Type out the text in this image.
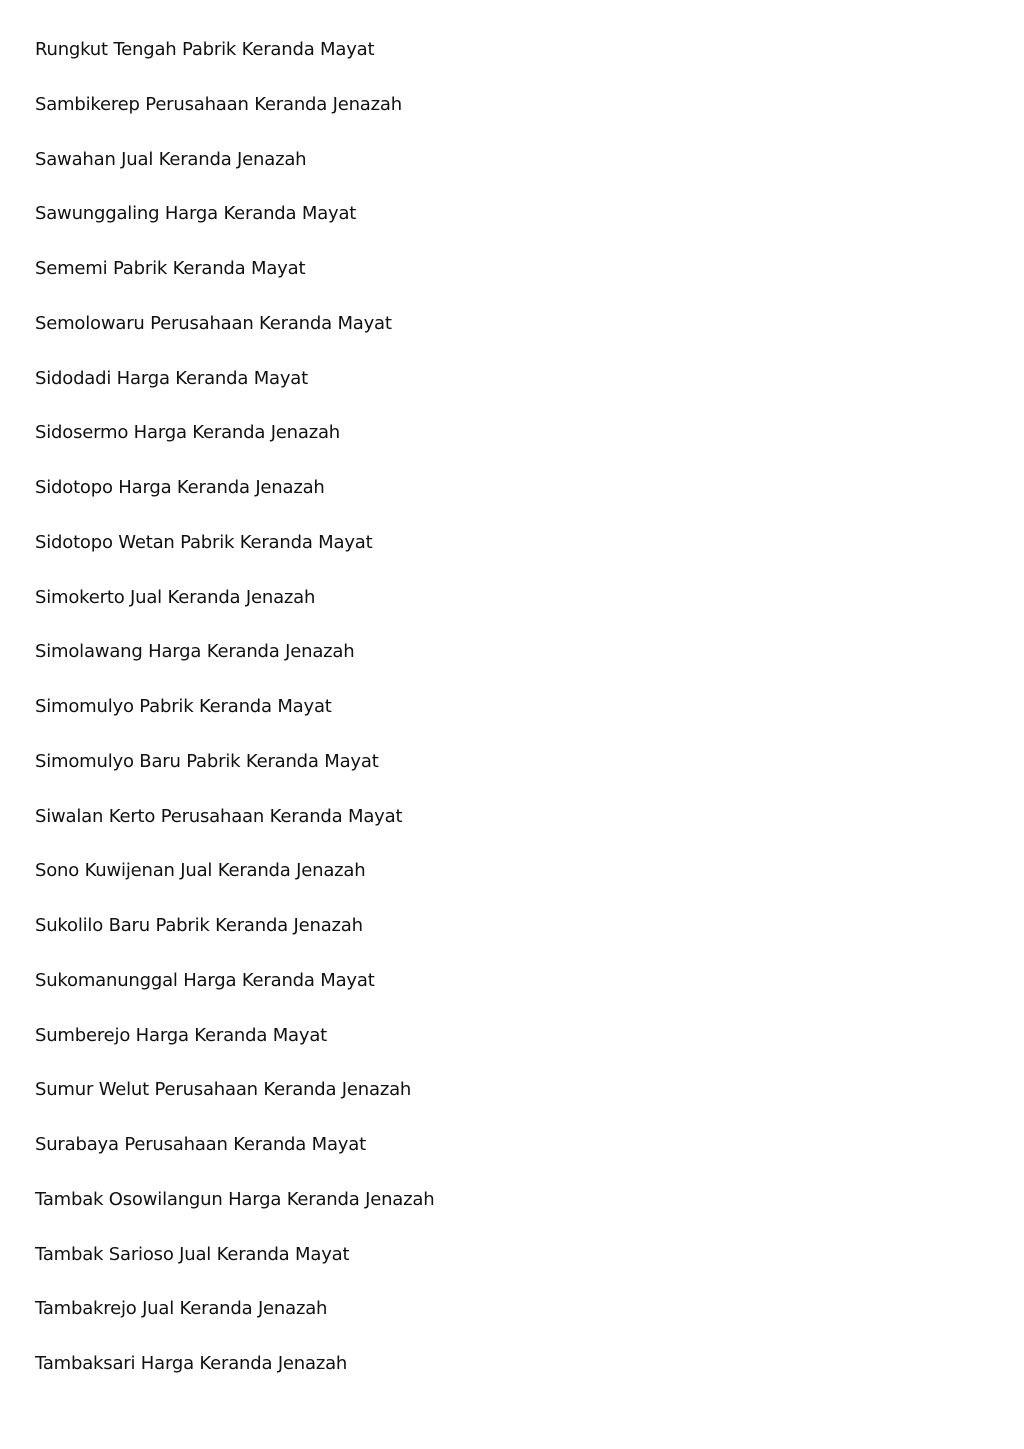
Rungkut Tengah Pabrik Keranda Mayat
Sambikerep Perusahaan Keranda Jenazah
Sawahan Jual Keranda Jenazah
Sawunggaling Harga Keranda Mayat
Sememi Pabrik Keranda Mayat
Semolowaru Perusahaan Keranda Mayat
Sidodadi Harga Keranda Mayat
Sidosermo Harga Keranda Jenazah
Sidotopo Harga Keranda Jenazah
Sidotopo Wetan Pabrik Keranda Mayat
Simokerto Jual Keranda Jenazah
Simolawang Harga Keranda Jenazah
Simomulyo Pabrik Keranda Mayat
Simomulyo Baru Pabrik Keranda Mayat
Siwalan Kerto Perusahaan Keranda Mayat
Sono Kuwijenan Jual Keranda Jenazah
Sukolilo Baru Pabrik Keranda Jenazah
Sukomanunggal Harga Keranda Mayat
Sumberejo Harga Keranda Mayat
Sumur Welut Perusahaan Keranda Jenazah
Surabaya Perusahaan Keranda Mayat
Tambak Osowilangun Harga Keranda Jenazah
Tambak Sarioso Jual Keranda Mayat
Tambakrejo Jual Keranda Jenazah
Tambaksari Harga Keranda Jenazah
